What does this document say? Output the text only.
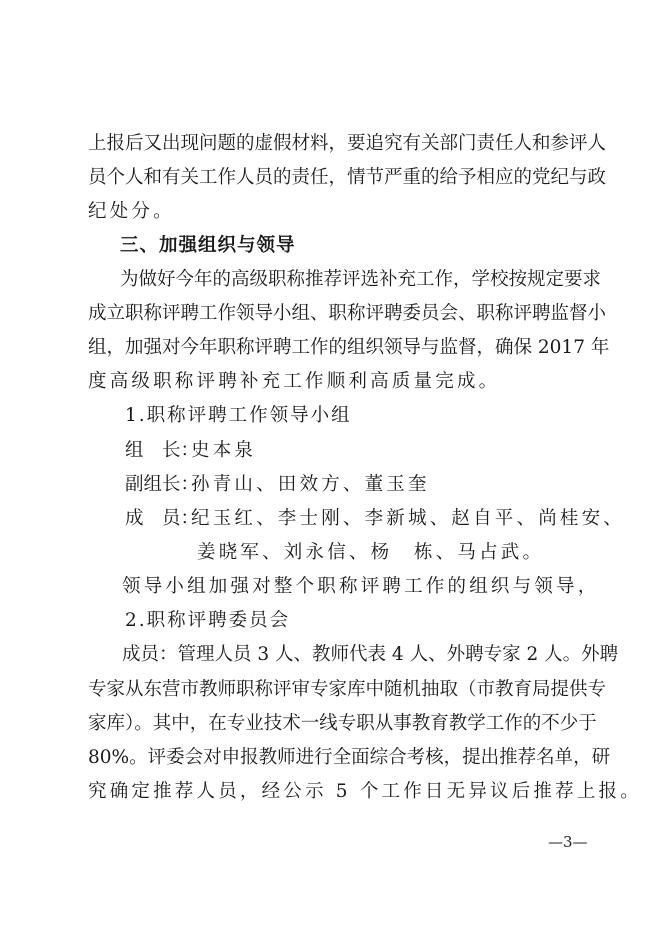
上报后又出现问题的虚假材料，要追究有关部门责任人和参评人
员个人和有关工作人员的责任，情节严重的给予相应的党纪与政
纪处分。
三、加强组织与领导
为做好今年的高级职称推荐评选补充工作，学校按规定要求
成立职称评聘工作领导小组、职称评聘委员会、职称评聘监督小
组，加强对今年职称评聘工作的组织领导与监督，确保 2017 年
度高级职称评聘补充工作顺利高质量完成。
1.职称评聘工作领导小组
组　长：史本泉
副组长：孙青山、田效方、董玉奎
成　员：纪玉红、李士刚、李新城、赵自平、尚桂安、
姜晓军、刘永信、杨　栋、马占武。
领导小组加强对整个职称评聘工作的组织与领导，
2.职称评聘委员会
成员：管理人员 3 人、教师代表 4 人、外聘专家 2 人。外聘
专家从东营市教师职称评审专家库中随机抽取（市教育局提供专
家库）。其中，在专业技术一线专职从事教育教学工作的不少于
80%。评委会对申报教师进行全面综合考核，提出推荐名单，研
究确定推荐人员，经公示 5 个工作日无异议后推荐上报。
—3—
